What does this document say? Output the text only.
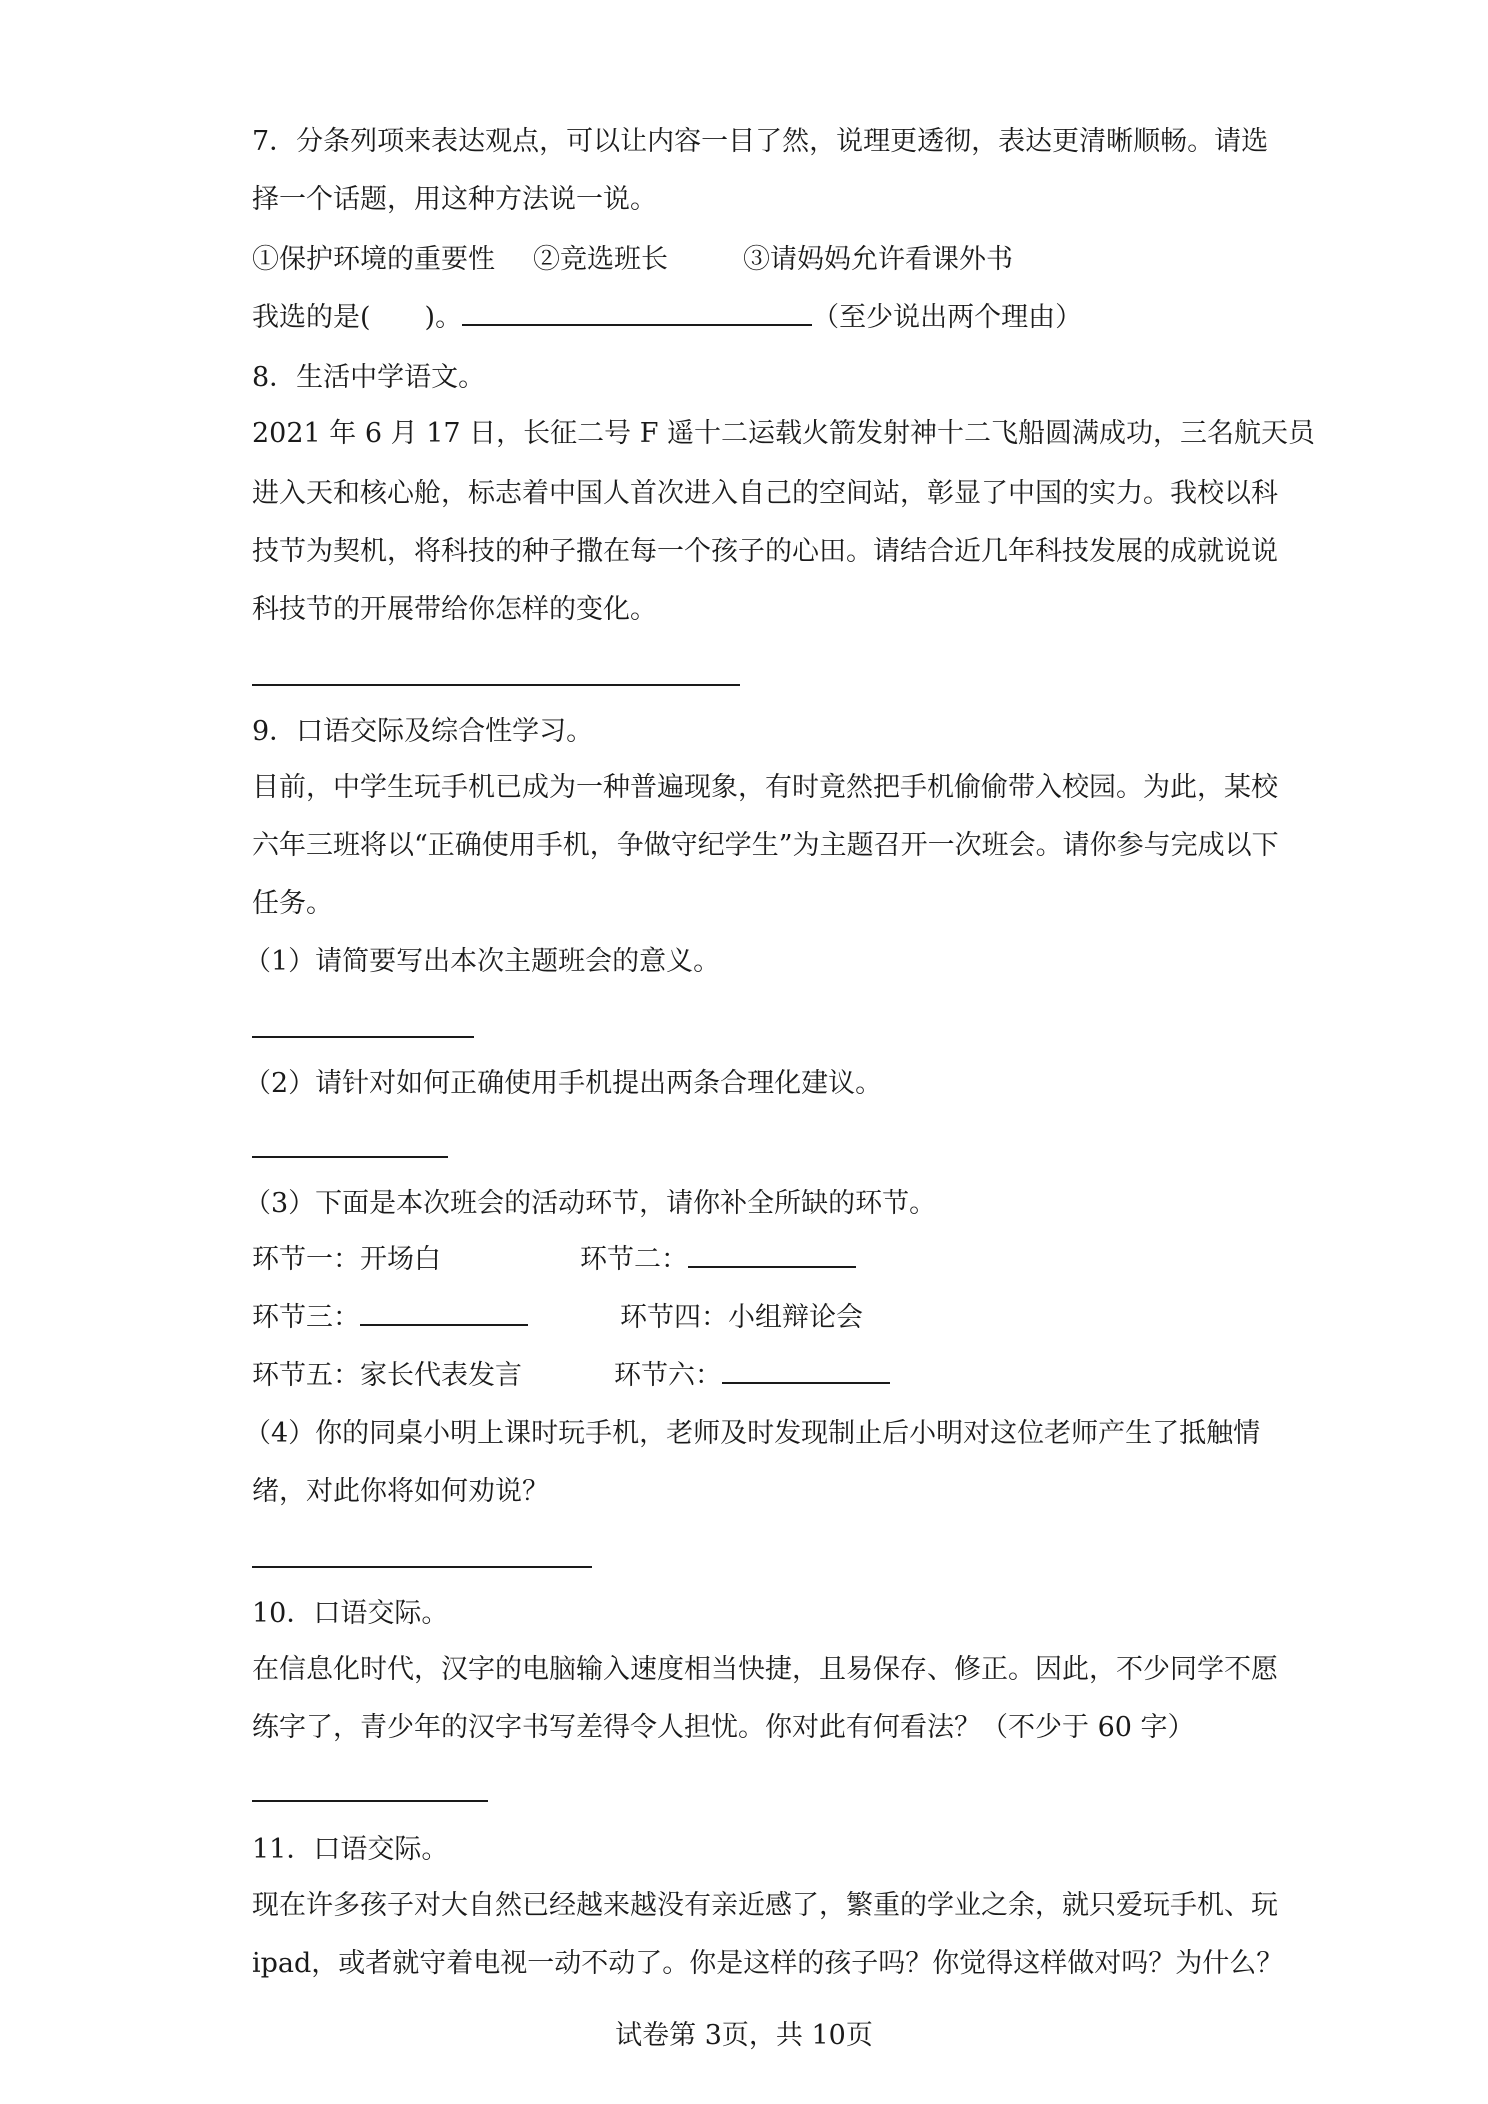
7．分条列项来表达观点，可以让内容一目了然，说理更透彻，表达更清晰顺畅。请选
择一个话题，用这种方法说一说。
①保护环境的重要性 ②竞选班长	③请妈妈允许看课外书
我选的是(　　)。	（至少说出两个理由）
8．生活中学语文。
2021 年 6 月 17 日，长征二号 F 遥十二运载火箭发射神十二飞船圆满成功，三名航天员
进入天和核心舱，标志着中国人首次进入自己的空间站，彰显了中国的实力。我校以科
技节为契机，将科技的种子撒在每一个孩子的心田。请结合近几年科技发展的成就说说
科技节的开展带给你怎样的变化。
9．口语交际及综合性学习。
目前，中学生玩手机已成为一种普遍现象，有时竟然把手机偷偷带入校园。为此，某校
六年三班将以“正确使用手机，争做守纪学生”为主题召开一次班会。请你参与完成以下
任务。
（1）请简要写出本次主题班会的意义。
（2）请针对如何正确使用手机提出两条合理化建议。
（3）下面是本次班会的活动环节，请你补全所缺的环节。
环节一：开场白	环节二：
环节三：	环节四：小组辩论会
环节五：家长代表发言	环节六：
（4）你的同桌小明上课时玩手机，老师及时发现制止后小明对这位老师产生了抵触情
绪，对此你将如何劝说？
10．口语交际。
在信息化时代，汉字的电脑输入速度相当快捷，且易保存、修正。因此，不少同学不愿
练字了，青少年的汉字书写差得令人担忧。你对此有何看法？（不少于 60 字）
11．口语交际。
现在许多孩子对大自然已经越来越没有亲近感了，繁重的学业之余，就只爱玩手机、玩
ipad，或者就守着电视一动不动了。你是这样的孩子吗？你觉得这样做对吗？为什么？
试卷第 3页，共 10页
